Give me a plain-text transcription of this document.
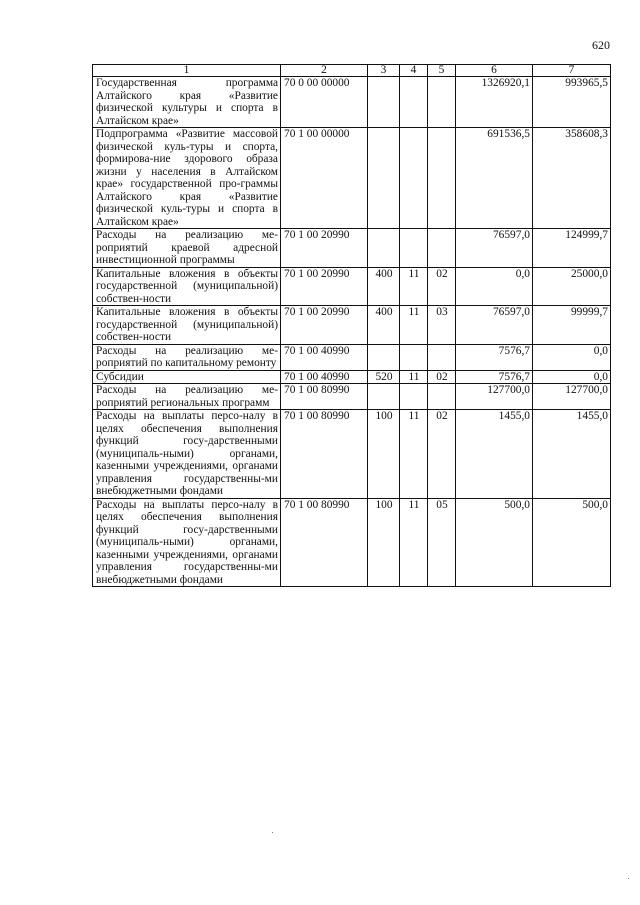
620
1	2	3	4	5	6	7
Государственная программа Алтайского края «Развитие физической культуры и спорта в Алтайском крае»	70 0 00 00000				1326920,1	993965,5
Подпрограмма «Развитие массовой физической куль-туры и спорта, формирова-ние здорового образа жизни у населения в Алтайском крае» государственной про-граммы Алтайского края «Развитие физической куль-туры и спорта в Алтайском крае»	70 1 00 00000				691536,5	358608,3
Расходы на реализацию ме-роприятий краевой адресной инвестиционной программы	70 1 00 20990				76597,0	124999,7
Капитальные вложения в объекты государственной (муниципальной) собствен-ности	70 1 00 20990	400	11	02	0,0	25000,0
Капитальные вложения в объекты государственной (муниципальной) собствен-ности	70 1 00 20990	400	11	03	76597,0	99999,7
Расходы на реализацию ме-роприятий по капитальному ремонту	70 1 00 40990				7576,7	0,0
Субсидии	70 1 00 40990	520	11	02	7576,7	0,0
Расходы на реализацию ме-роприятий региональных программ	70 1 00 80990				127700,0	127700,0
Расходы на выплаты персо-налу в целях обеспечения выполнения функций госу-дарственными (муниципаль-ными) органами, казенными учреждениями, органами управления государственны-ми внебюджетными фондами	70 1 00 80990	100	11	02	1455,0	1455,0
Расходы на выплаты персо-налу в целях обеспечения выполнения функций госу-дарственными (муниципаль-ными) органами, казенными учреждениями, органами управления государственны-ми внебюджетными фондами	70 1 00 80990	100	11	05	500,0	500,0
